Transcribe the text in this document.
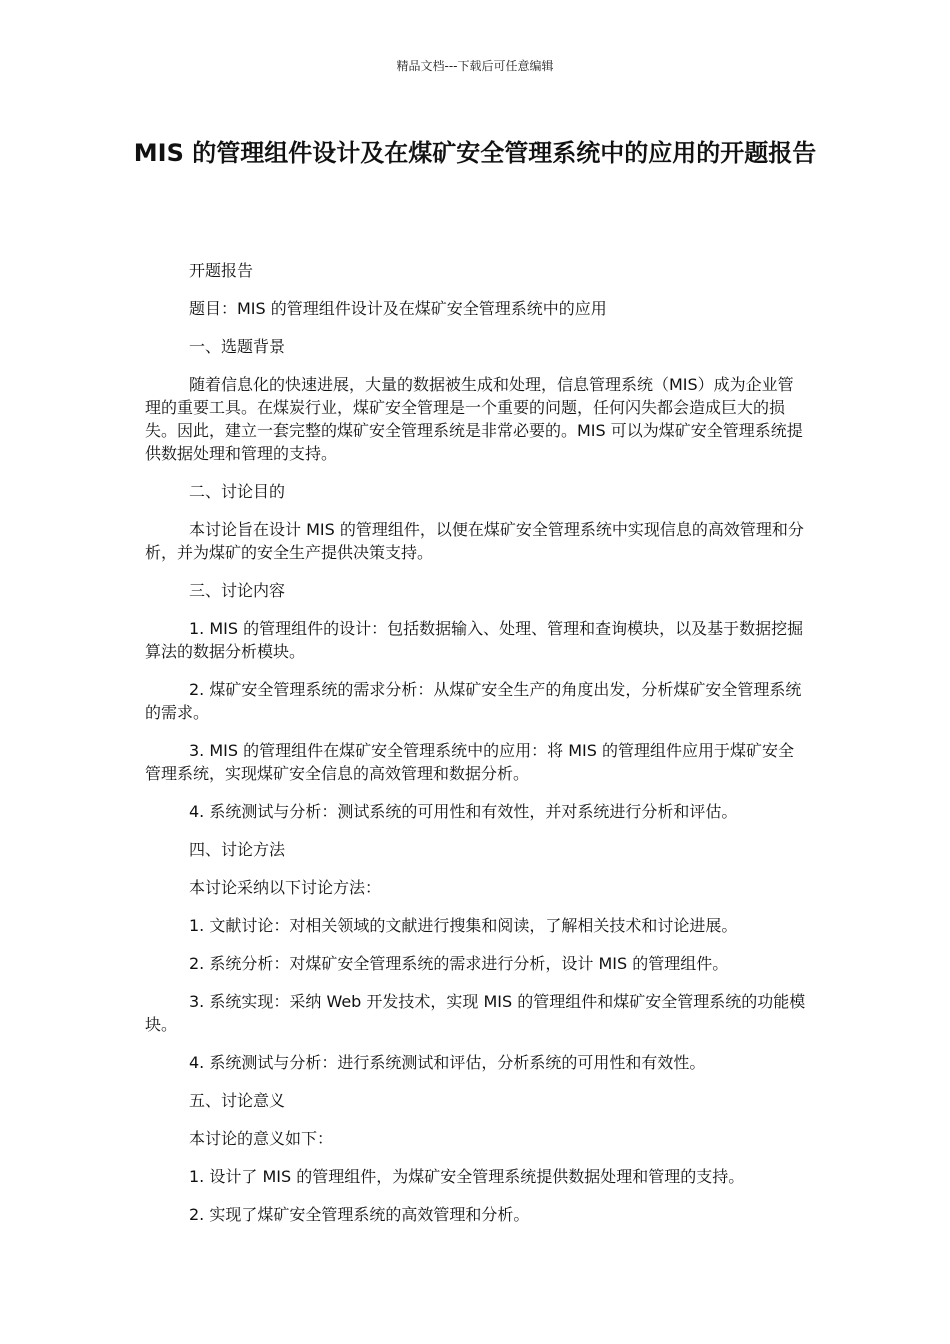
精品文档---下载后可任意编辑
MIS 的管理组件设计及在煤矿安全管理系统中的应用的开题报告

开题报告

题目：MIS 的管理组件设计及在煤矿安全管理系统中的应用

一、选题背景

随着信息化的快速进展，大量的数据被生成和处理，信息管理系统（MIS）成为企业管理的重要工具。在煤炭行业，煤矿安全管理是一个重要的问题，任何闪失都会造成巨大的损失。因此，建立一套完整的煤矿安全管理系统是非常必要的。MIS 可以为煤矿安全管理系统提供数据处理和管理的支持。

二、讨论目的

本讨论旨在设计 MIS 的管理组件，以便在煤矿安全管理系统中实现信息的高效管理和分析，并为煤矿的安全生产提供决策支持。

三、讨论内容

1. MIS 的管理组件的设计：包括数据输入、处理、管理和查询模块，以及基于数据挖掘算法的数据分析模块。

2. 煤矿安全管理系统的需求分析：从煤矿安全生产的角度出发，分析煤矿安全管理系统的需求。

3. MIS 的管理组件在煤矿安全管理系统中的应用：将 MIS 的管理组件应用于煤矿安全管理系统，实现煤矿安全信息的高效管理和数据分析。

4. 系统测试与分析：测试系统的可用性和有效性，并对系统进行分析和评估。

四、讨论方法

本讨论采纳以下讨论方法：

1. 文献讨论：对相关领域的文献进行搜集和阅读，了解相关技术和讨论进展。

2. 系统分析：对煤矿安全管理系统的需求进行分析，设计 MIS 的管理组件。

3. 系统实现：采纳 Web 开发技术，实现 MIS 的管理组件和煤矿安全管理系统的功能模块。

4. 系统测试与分析：进行系统测试和评估，分析系统的可用性和有效性。

五、讨论意义

本讨论的意义如下：

1. 设计了 MIS 的管理组件，为煤矿安全管理系统提供数据处理和管理的支持。

2. 实现了煤矿安全管理系统的高效管理和分析。
